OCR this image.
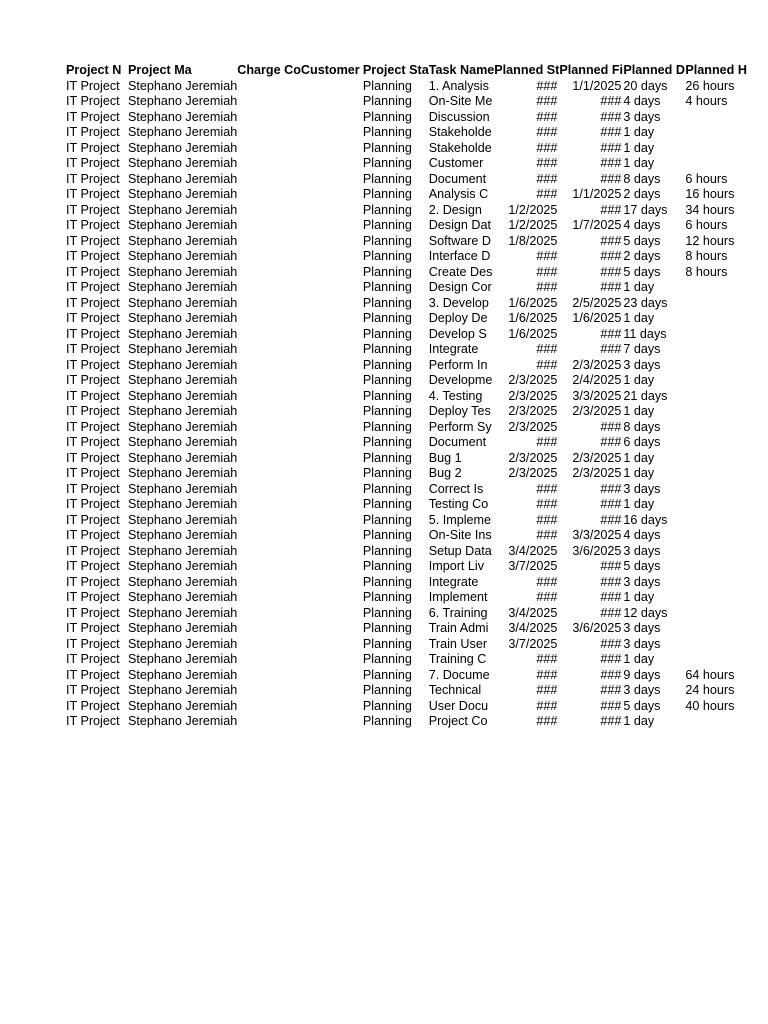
Project N	Project Ma	Charge Co	Customer	Project Sta	Task Name	Planned St	Planned Fi	Planned D	Planned H
IT Project	Stephano Jeremiah			Planning	1. Analysis	###	1/1/2025	20 days	26 hours
IT Project	Stephano Jeremiah			Planning	On-Site Me	###	###	4 days	4 hours
IT Project	Stephano Jeremiah			Planning	Discussion	###	###	3 days	
IT Project	Stephano Jeremiah			Planning	Stakeholde	###	###	1 day	
IT Project	Stephano Jeremiah			Planning	Stakeholde	###	###	1 day	
IT Project	Stephano Jeremiah			Planning	Customer	###	###	1 day	
IT Project	Stephano Jeremiah			Planning	Document	###	###	8 days	6 hours
IT Project	Stephano Jeremiah			Planning	Analysis C	###	1/1/2025	2 days	16 hours
IT Project	Stephano Jeremiah			Planning	2. Design	1/2/2025	###	17 days	34 hours
IT Project	Stephano Jeremiah			Planning	Design Dat	1/2/2025	1/7/2025	4 days	6 hours
IT Project	Stephano Jeremiah			Planning	Software D	1/8/2025	###	5 days	12 hours
IT Project	Stephano Jeremiah			Planning	Interface D	###	###	2 days	8 hours
IT Project	Stephano Jeremiah			Planning	Create Des	###	###	5 days	8 hours
IT Project	Stephano Jeremiah			Planning	Design Cor	###	###	1 day	
IT Project	Stephano Jeremiah			Planning	3. Develop	1/6/2025	2/5/2025	23 days	
IT Project	Stephano Jeremiah			Planning	Deploy De	1/6/2025	1/6/2025	1 day	
IT Project	Stephano Jeremiah			Planning	Develop S	1/6/2025	###	11 days	
IT Project	Stephano Jeremiah			Planning	Integrate	###	###	7 days	
IT Project	Stephano Jeremiah			Planning	Perform In	###	2/3/2025	3 days	
IT Project	Stephano Jeremiah			Planning	Developme	2/3/2025	2/4/2025	1 day	
IT Project	Stephano Jeremiah			Planning	4. Testing	2/3/2025	3/3/2025	21 days	
IT Project	Stephano Jeremiah			Planning	Deploy Tes	2/3/2025	2/3/2025	1 day	
IT Project	Stephano Jeremiah			Planning	Perform Sy	2/3/2025	###	8 days	
IT Project	Stephano Jeremiah			Planning	Document	###	###	6 days	
IT Project	Stephano Jeremiah			Planning	Bug 1	2/3/2025	2/3/2025	1 day	
IT Project	Stephano Jeremiah			Planning	Bug 2	2/3/2025	2/3/2025	1 day	
IT Project	Stephano Jeremiah			Planning	Correct Is	###	###	3 days	
IT Project	Stephano Jeremiah			Planning	Testing Co	###	###	1 day	
IT Project	Stephano Jeremiah			Planning	5. Impleme	###	###	16 days	
IT Project	Stephano Jeremiah			Planning	On-Site Ins	###	3/3/2025	4 days	
IT Project	Stephano Jeremiah			Planning	Setup Data	3/4/2025	3/6/2025	3 days	
IT Project	Stephano Jeremiah			Planning	Import Liv	3/7/2025	###	5 days	
IT Project	Stephano Jeremiah			Planning	Integrate	###	###	3 days	
IT Project	Stephano Jeremiah			Planning	Implement	###	###	1 day	
IT Project	Stephano Jeremiah			Planning	6. Training	3/4/2025	###	12 days	
IT Project	Stephano Jeremiah			Planning	Train Admi	3/4/2025	3/6/2025	3 days	
IT Project	Stephano Jeremiah			Planning	Train User	3/7/2025	###	3 days	
IT Project	Stephano Jeremiah			Planning	Training C	###	###	1 day	
IT Project	Stephano Jeremiah			Planning	7. Docume	###	###	9 days	64 hours
IT Project	Stephano Jeremiah			Planning	Technical	###	###	3 days	24 hours
IT Project	Stephano Jeremiah			Planning	User Docu	###	###	5 days	40 hours
IT Project	Stephano Jeremiah			Planning	Project Co	###	###	1 day	
